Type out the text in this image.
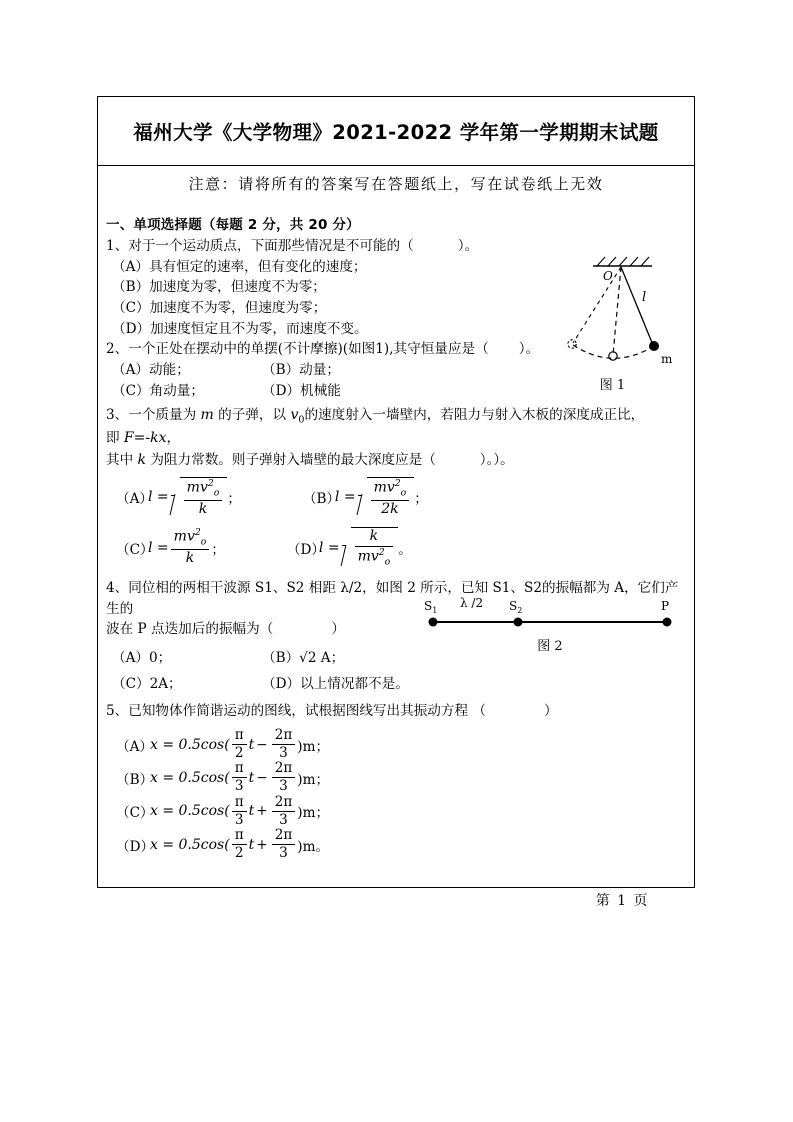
福州大学《大学物理》2021-2022 学年第一学期期末试题
注意：请将所有的答案写在答题纸上，写在试卷纸上无效
一、单项选择题（每题 2 分，共 20 分）
1、对于一个运动质点，下面那些情况是不可能的（	）。
（A）具有恒定的速率，但有变化的速度；
（B）加速度为零，但速度不为零；
（C）加速度不为零，但速度为零；
（D）加速度恒定且不为零，而速度不变。
2、一个正处在摆动中的单摆(不计摩擦)(如图1),其守恒量应是（ ）。
（A）动能；	（B）动量；
（C）角动量；	（D）机械能
3、一个质量为 m 的子弹，以 $v_0$的速度射入一墙壁内，若阻力与射入木板的深度成正比，即 F=-kx，
其中 k 为阻力常数。则子弹射入墙壁的最大深度应是（	）。）。
（A）
$l = \frac{mv^2_o}{k}$ ；	（B）
$l = \frac{mv^2_o}{2k}$ ；
（C）
$l = \frac{mv^2_o}{k}$ ；	（D）
$l = \frac{k}{mv^2_o}$ 。
4、同位相的两相干波源 S1、S2 相距 λ/2，如图 2 所示，已知 S1、S2的振幅都为 A，它们产生的
波在 P 点迭加后的振幅为（	）
（A）0；	（B）√2 A；
（C）2A；	（D）以上情况都不是。
5、已知物体作简谐运动的图线，试根据图线写出其振动方程 （	）
（A）
$x = 0.5\cos( \frac{\pi}{2}$ $t - \frac{2\pi}{3} )m$；
（B）
$x = 0.5\cos( \frac{\pi}{3}$ $t - \frac{2\pi}{3} )m$；
（C）
$x = 0.5\cos( \frac{\pi}{3}$ $t + \frac{2\pi}{3} )m$；
（D）
$x = 0.5\cos( \frac{\pi}{2}$ $t + \frac{2\pi}{3} )m$。
O
l
m
图 1
$S_1$	$S_2$	P
λ /2
图 2
第 1 页
